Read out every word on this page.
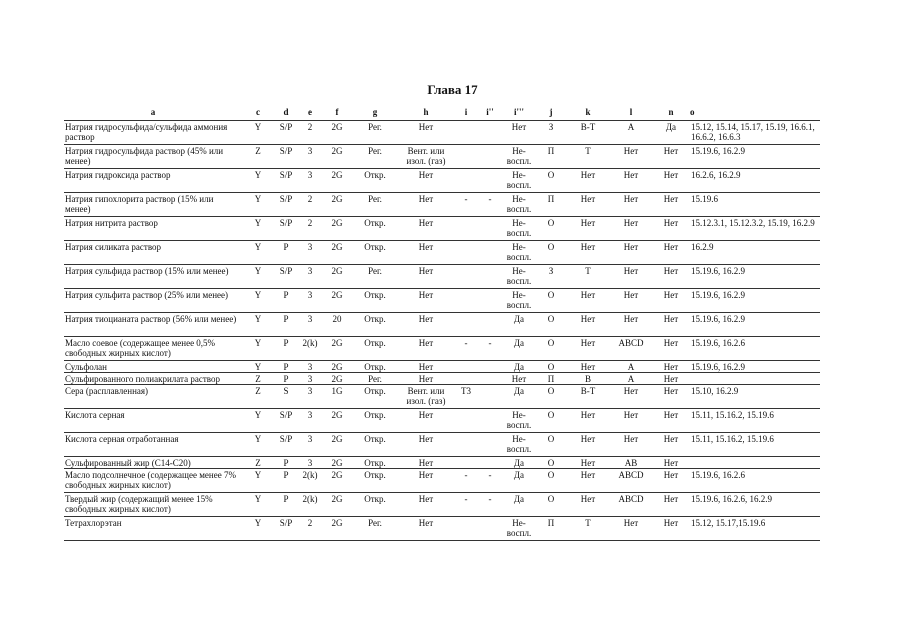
Глава 17
a	c	d	e	f	g	h	i	i''	i'''	j	k	l	n	o
Натрия гидросульфида/сульфида аммония раствор	Y	S/P	2	2G	Рег.	Нет			Нет	З	В-Т	А	Да	15.12, 15.14, 15.17, 15.19, 16.6.1, 16.6.2, 16.6.3
Натрия гидросульфида раствор (45% или менее)	Z	S/P	3	2G	Рег.	Вент. или изол. (газ)			Не-воспл.	П	Т	Нет	Нет	15.19.6, 16.2.9
Натрия гидроксида раствор	Y	S/P	3	2G	Откр.	Нет			Не-воспл.	О	Нет	Нет	Нет	16.2.6, 16.2.9
Натрия гипохлорита раствор (15% или менее)	Y	S/P	2	2G	Рег.	Нет	-	-	Не-воспл.	П	Нет	Нет	Нет	15.19.6
Натрия нитрита раствор	Y	S/P	2	2G	Откр.	Нет			Не-воспл.	О	Нет	Нет	Нет	15.12.3.1, 15.12.3.2, 15.19, 16.2.9
Натрия силиката раствор	Y	P	3	2G	Откр.	Нет			Не-воспл.	О	Нет	Нет	Нет	16.2.9
Натрия сульфида раствор (15% или менее)	Y	S/P	3	2G	Рег.	Нет			Не-воспл.	З	Т	Нет	Нет	15.19.6, 16.2.9
Натрия сульфита раствор (25% или менее)	Y	P	3	2G	Откр.	Нет			Не-воспл.	О	Нет	Нет	Нет	15.19.6, 16.2.9
Натрия тиоцианата раствор (56% или менее)	Y	P	3	20	Откр.	Нет			Да	О	Нет	Нет	Нет	15.19.6, 16.2.9
Масло соевое (содержащее менее 0,5% свободных жирных кислот)	Y	P	2(k)	2G	Откр.	Нет	-	-	Да	О	Нет	ABCD	Нет	15.19.6, 16.2.6
Сульфолан	Y	P	3	2G	Откр.	Нет			Да	О	Нет	А	Нет	15.19.6, 16.2.9
Сульфированного полиакрилата раствор	Z	P	3	2G	Рег.	Нет			Нет	П	В	А	Нет	
Сера (расплавленная)	Z	S	3	1G	Откр.	Вент. или изол. (газ)	Т3		Да	О	В-Т	Нет	Нет	15.10, 16.2.9
Кислота серная	Y	S/P	3	2G	Откр.	Нет			Не-воспл.	О	Нет	Нет	Нет	15.11, 15.16.2, 15.19.6
Кислота серная отработанная	Y	S/P	3	2G	Откр.	Нет			Не-воспл.	О	Нет	Нет	Нет	15.11, 15.16.2, 15.19.6
Сульфированный жир (С14-С20)	Z	P	3	2G	Откр.	Нет			Да	О	Нет	AB	Нет	
Масло подсолнечное (содержащее менее 7% свободных жирных кислот)	Y	P	2(k)	2G	Откр.	Нет	-	-	Да	О	Нет	ABCD	Нет	15.19.6, 16.2.6
Твердый жир (содержащий менее 15% свободных жирных кислот)	Y	P	2(k)	2G	Откр.	Нет	-	-	Да	О	Нет	ABCD	Нет	15.19.6, 16.2.6, 16.2.9
Тетрахлорэтан	Y	S/P	2	2G	Рег.	Нет			Не-воспл.	П	Т	Нет	Нет	15.12, 15.17,15.19.6
